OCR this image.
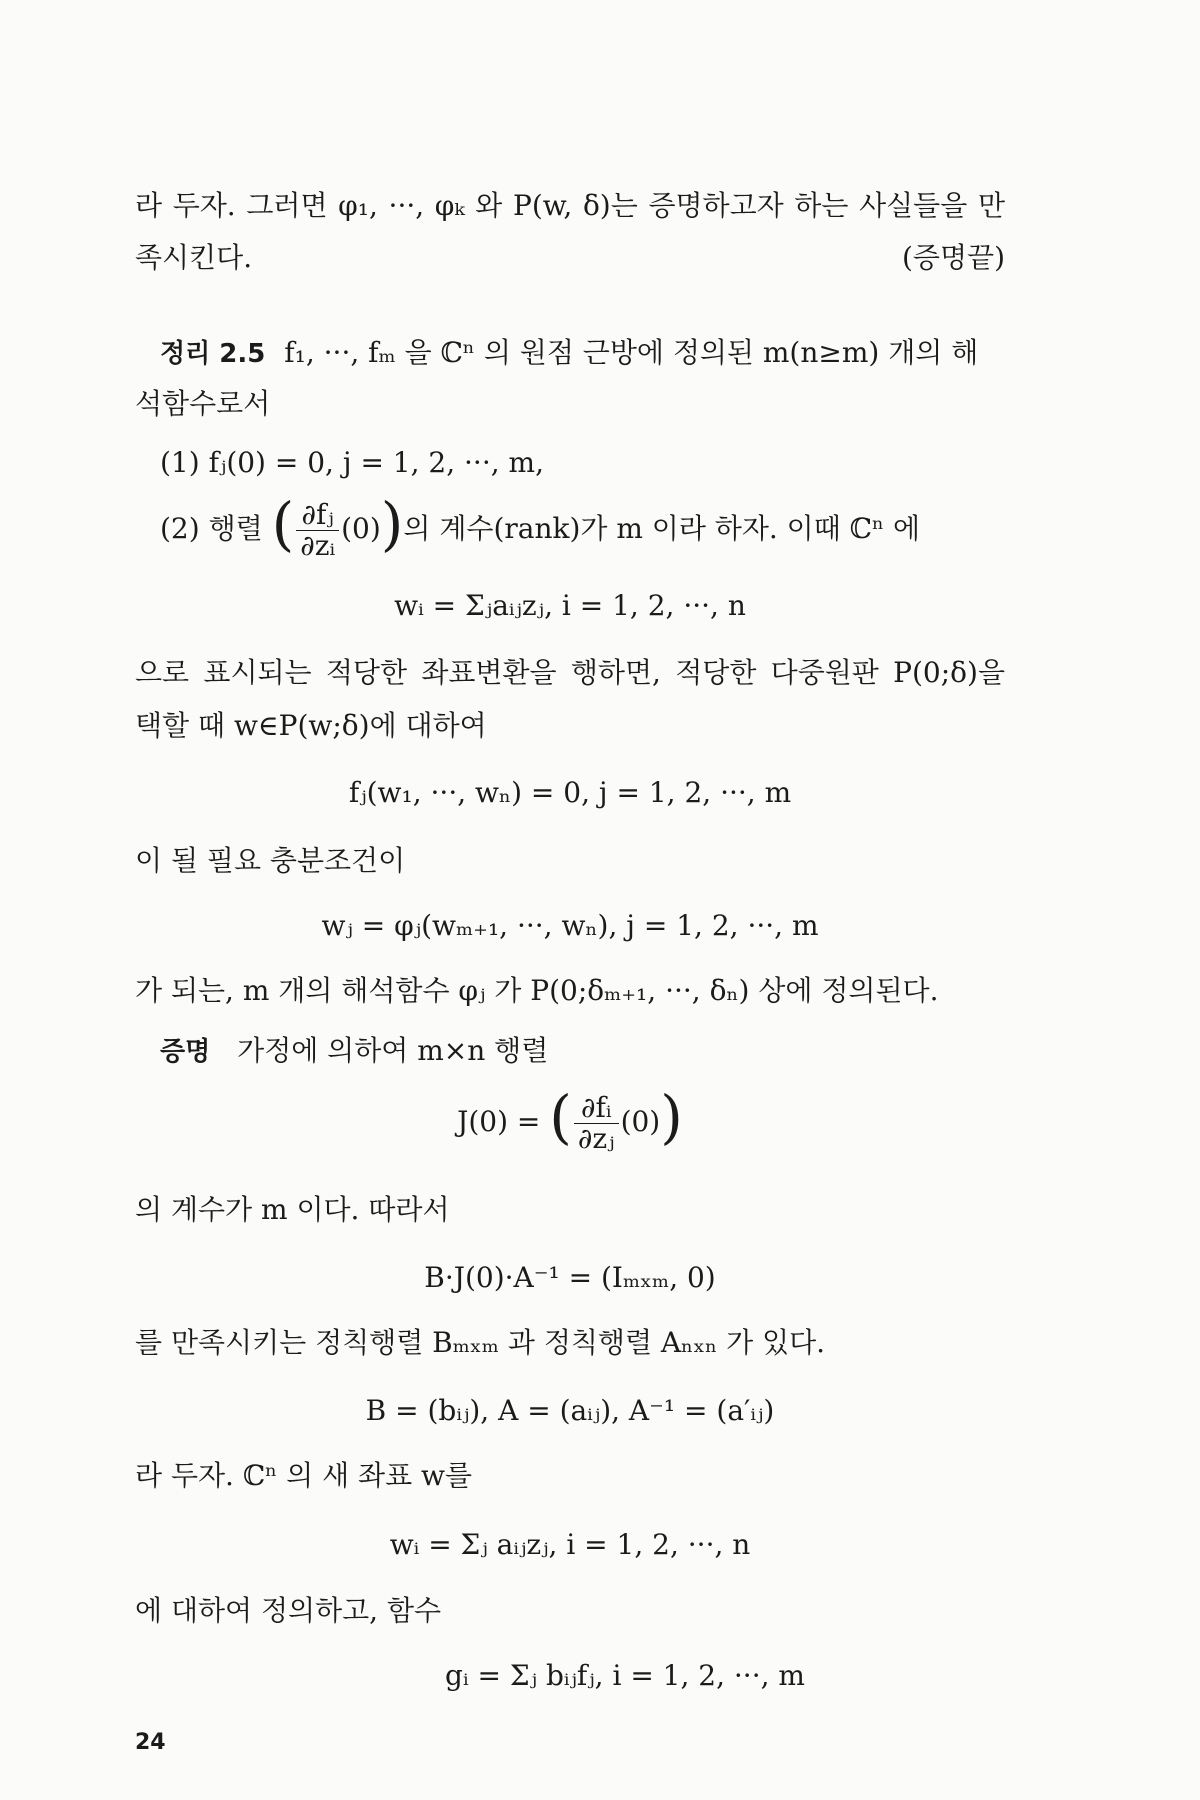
라 두자. 그러면 φ₁, ···, φₖ 와 P(w, δ)는 증명하고자 하는 사실들을 만
족시킨다.	(증명끝)
정리 2.5 f₁, ···, fₘ 을 ℂⁿ 의 원점 근방에 정의된 m(n≥m) 개의 해
석함수로서
(1) fⱼ(0) = 0, j = 1, 2, ···, m,
(2) 행렬 ( $\frac{\text{∂fⱼ}}{\text{∂zᵢ}} (0)$)의 계수(rank)가 m 이라 하자. 이때 ℂⁿ 에
wᵢ = Σⱼaᵢⱼzⱼ, i = 1, 2, ···, n
으로 표시되는 적당한 좌표변환을 행하면, 적당한 다중원판 P(0;δ)을
택할 때 w∈P(w;δ)에 대하여
fⱼ(w₁, ···, wₙ) = 0, j = 1, 2, ···, m
이 될 필요 충분조건이
wⱼ = φⱼ(wₘ₊₁, ···, wₙ), j = 1, 2, ···, m
가 되는, m 개의 해석함수 φⱼ 가 P(0;δₘ₊₁, ···, δₙ) 상에 정의된다.
증명 가정에 의하여 m×n 행렬
J(0) = ( $\frac{\text{∂fᵢ}}{\text{∂zⱼ}} (0)$)
의 계수가 m 이다. 따라서
B·J(0)·A⁻¹ = (Iₘₓₘ, 0)
를 만족시키는 정칙행렬 Bₘₓₘ 과 정칙행렬 Aₙₓₙ 가 있다.
B = (bᵢⱼ), A = (aᵢⱼ), A⁻¹ = (a′ᵢⱼ)
라 두자. ℂⁿ 의 새 좌표 w를
wᵢ = Σⱼ aᵢⱼzⱼ, i = 1, 2, ···, n
에 대하여 정의하고, 함수
gᵢ = Σⱼ bᵢⱼfⱼ, i = 1, 2, ···, m
24
